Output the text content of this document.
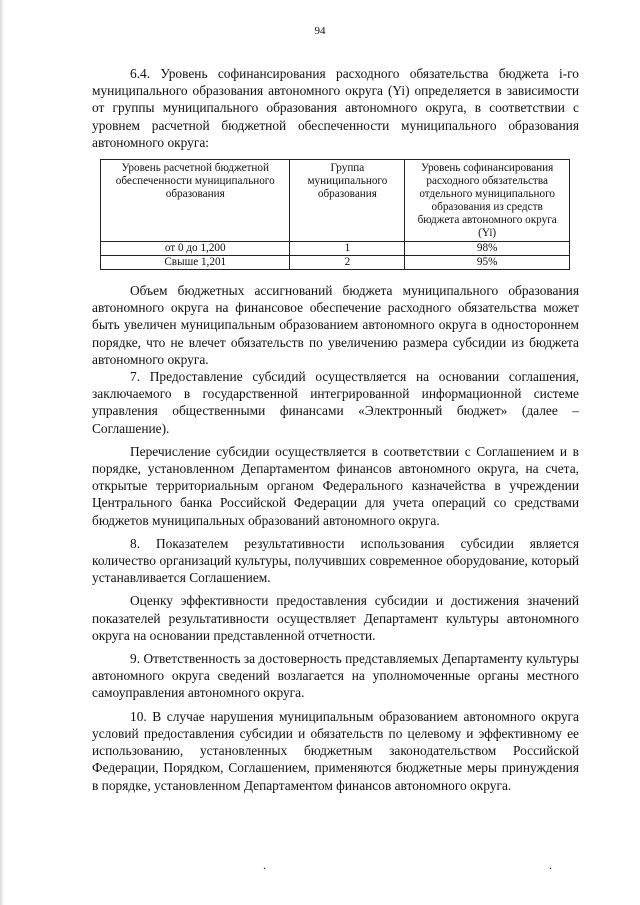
94

6.4. Уровень софинансирования расходного обязательства бюджета i-го муниципального образования автономного округа (Yi) определяется в зависимости от группы муниципального образования автономного округа, в соответствии с уровнем расчетной бюджетной обеспеченности муниципального образования автономного округа:

Уровень расчетной бюджетной обеспеченности муниципального образования	Группа муниципального образования	Уровень софинансирования расходного обязательства отдельного муниципального образования из средств бюджета автономного округа (Yi)
от 0 до 1,200	1	98%
Свыше 1,201	2	95%

Объем бюджетных ассигнований бюджета муниципального образования автономного округа на финансовое обеспечение расходного обязательства может быть увеличен муниципальным образованием автономного округа в одностороннем порядке, что не влечет обязательств по увеличению размера субсидии из бюджета автономного округа.

7. Предоставление субсидий осуществляется на основании соглашения, заключаемого в государственной интегрированной информационной системе управления общественными финансами «Электронный бюджет» (далее – Соглашение).

Перечисление субсидии осуществляется в соответствии с Соглашением и в порядке, установленном Департаментом финансов автономного округа, на счета, открытые территориальным органом Федерального казначейства в учреждении Центрального банка Российской Федерации для учета операций со средствами бюджетов муниципальных образований автономного округа.

8. Показателем результативности использования субсидии является количество организаций культуры, получивших современное оборудование, который устанавливается Соглашением.

Оценку эффективности предоставления субсидии и достижения значений показателей результативности осуществляет Департамент культуры автономного округа на основании представленной отчетности.

9. Ответственность за достоверность представляемых Департаменту культуры автономного округа сведений возлагается на уполномоченные органы местного самоуправления автономного округа.

10. В случае нарушения муниципальным образованием автономного округа условий предоставления субсидии и обязательств по целевому и эффективному ее использованию, установленных бюджетным законодательством Российской Федерации, Порядком, Соглашением, применяются бюджетные меры принуждения в порядке, установленном Департаментом финансов автономного округа.

.	.
